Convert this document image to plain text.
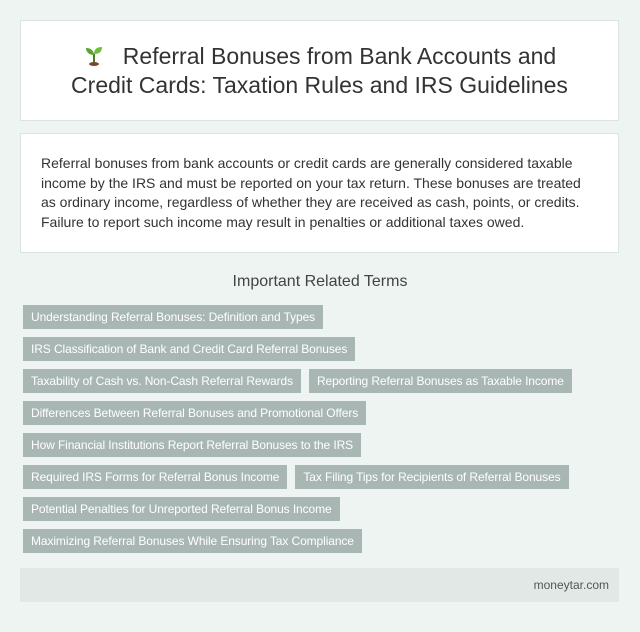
Referral Bonuses from Bank Accounts and Credit Cards: Taxation Rules and IRS Guidelines

Referral bonuses from bank accounts or credit cards are generally considered taxable income by the IRS and must be reported on your tax return. These bonuses are treated as ordinary income, regardless of whether they are received as cash, points, or credits. Failure to report such income may result in penalties or additional taxes owed.

Important Related Terms
Understanding Referral Bonuses: Definition and Types
IRS Classification of Bank and Credit Card Referral Bonuses
Taxability of Cash vs. Non-Cash Referral Rewards	Reporting Referral Bonuses as Taxable Income
Differences Between Referral Bonuses and Promotional Offers
How Financial Institutions Report Referral Bonuses to the IRS
Required IRS Forms for Referral Bonus Income	Tax Filing Tips for Recipients of Referral Bonuses
Potential Penalties for Unreported Referral Bonus Income
Maximizing Referral Bonuses While Ensuring Tax Compliance
moneytar.com
